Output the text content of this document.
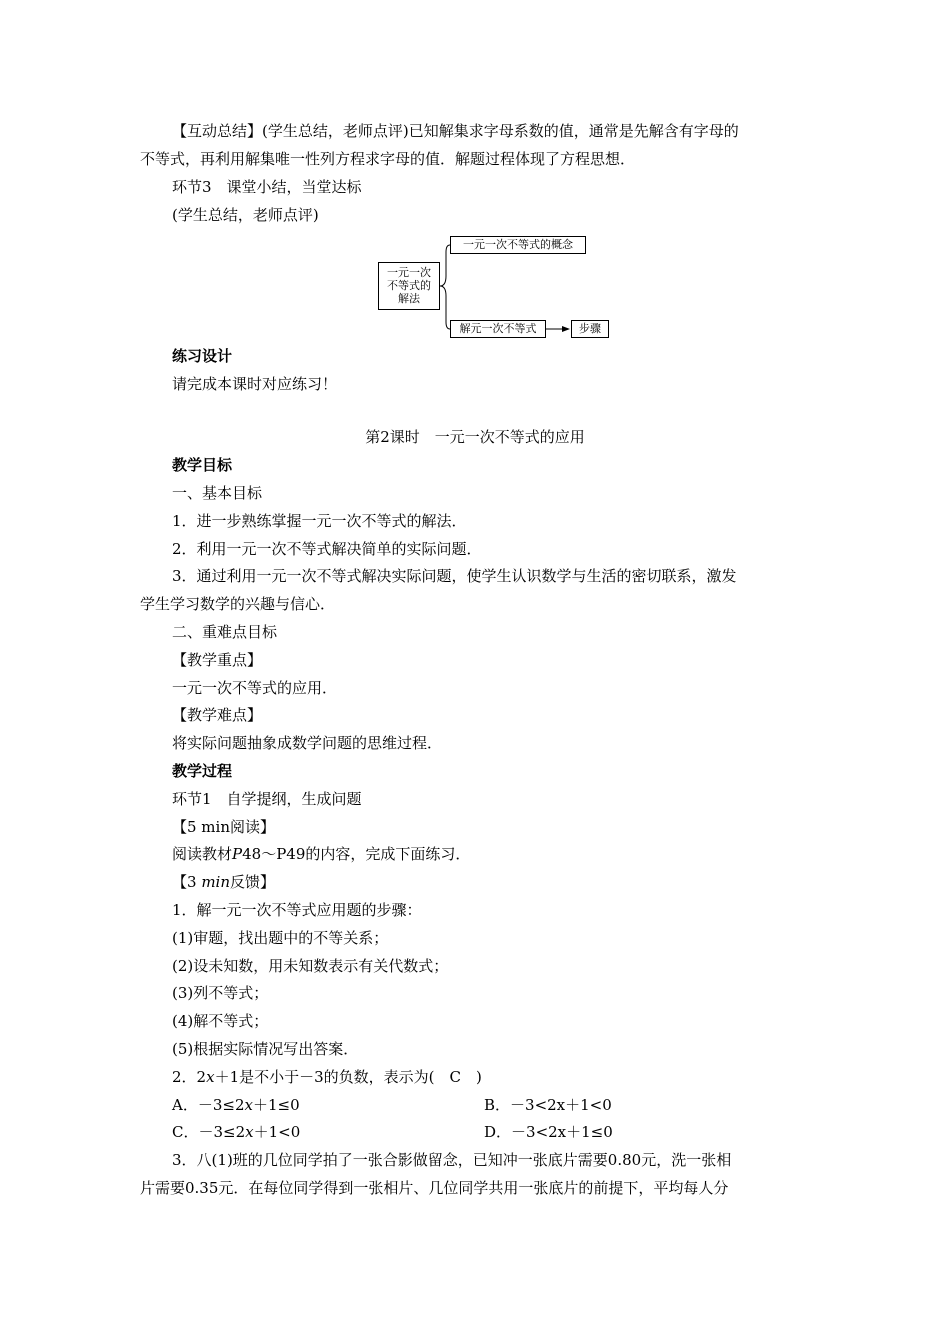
【互动总结】(学生总结，老师点评)已知解集求字母系数的值，通常是先解含有字母的
不等式，再利用解集唯一性列方程求字母的值．解题过程体现了方程思想．
环节3　课堂小结，当堂达标
(学生总结，老师点评)
一元一次
不等式的
解法
一元一次不等式的概念
解元一次不等式	步骤
练习设计
请完成本课时对应练习！
第2课时　一元一次不等式的应用
教学目标
一、基本目标
1．进一步熟练掌握一元一次不等式的解法．
2．利用一元一次不等式解决简单的实际问题．
3．通过利用一元一次不等式解决实际问题，使学生认识数学与生活的密切联系，激发
学生学习数学的兴趣与信心．
二、重难点目标
【教学重点】
一元一次不等式的应用．
【教学难点】
将实际问题抽象成数学问题的思维过程．
教学过程
环节1　自学提纲，生成问题
【5 min阅读】
阅读教材P48～P49的内容，完成下面练习．
【3 min反馈】
1．解一元一次不等式应用题的步骤：
(1)审题，找出题中的不等关系；
(2)设未知数，用未知数表示有关代数式；
(3)列不等式；
(4)解不等式；
(5)根据实际情况写出答案．
2．2x＋1是不小于－3的负数，表示为(　C　)
A．－3≤2x＋1≤0	B．－3<2x＋1<0
C．－3≤2x＋1<0	D．－3<2x＋1≤0
3．八(1)班的几位同学拍了一张合影做留念，已知冲一张底片需要0.80元，洗一张相
片需要0.35元．在每位同学得到一张相片、几位同学共用一张底片的前提下，平均每人分
